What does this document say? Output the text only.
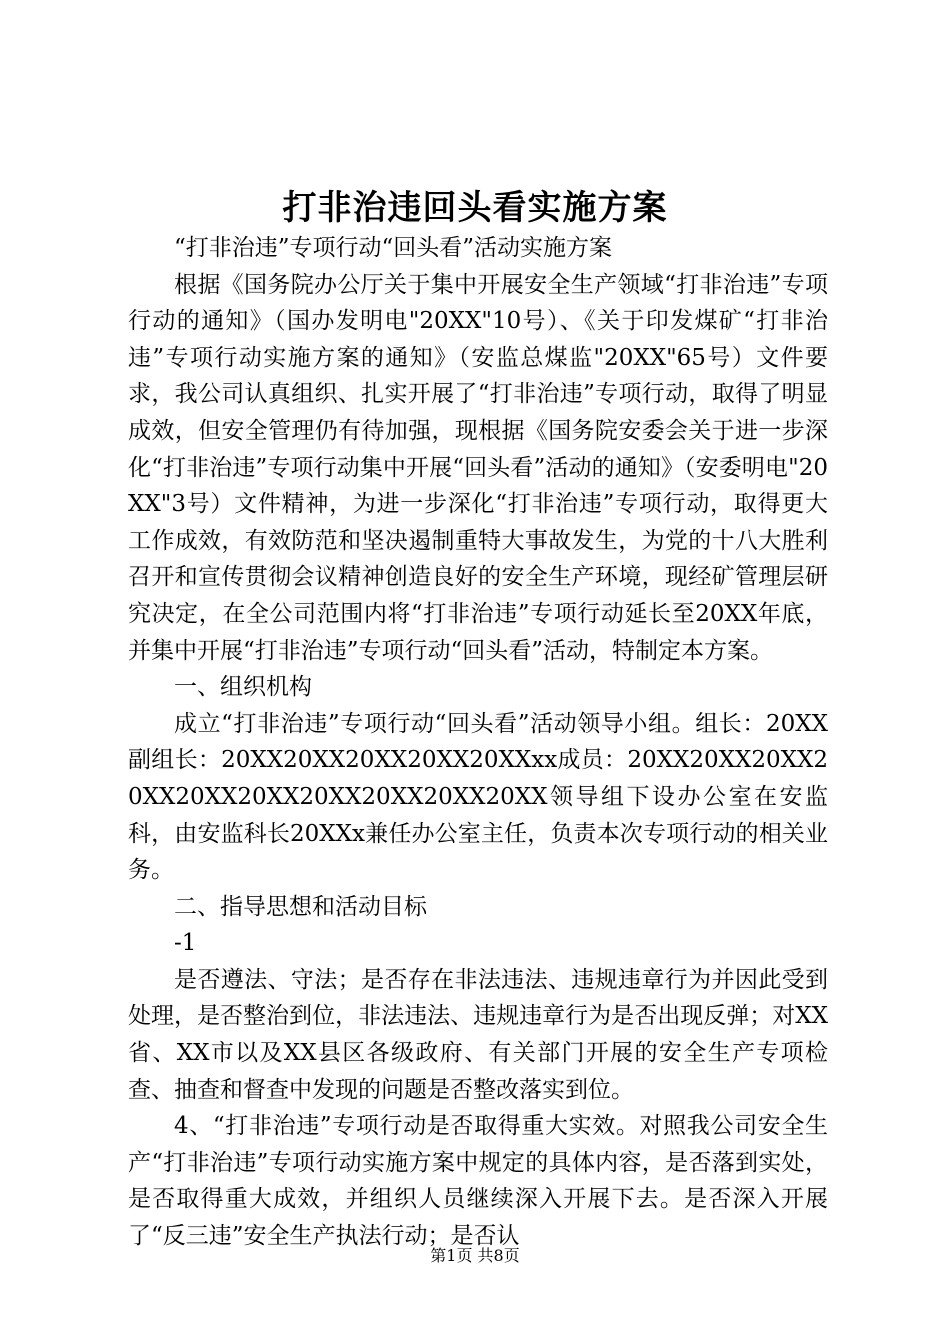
打非治违回头看实施方案

“打非治违”专项行动“回头看”活动实施方案

根据《国务院办公厅关于集中开展安全生产领域“打非治违”专项行动的通知》（国办发明电"20XX"10号）、《关于印发煤矿“打非治违”专项行动实施方案的通知》（安监总煤监"20XX"65号）文件要求，我公司认真组织、扎实开展了“打非治违”专项行动，取得了明显成效，但安全管理仍有待加强，现根据《国务院安委会关于进一步深化“打非治违”专项行动集中开展“回头看”活动的通知》（安委明电"20XX"3号）文件精神，为进一步深化“打非治违”专项行动，取得更大工作成效，有效防范和坚决遏制重特大事故发生，为党的十八大胜利召开和宣传贯彻会议精神创造良好的安全生产环境，现经矿管理层研究决定，在全公司范围内将“打非治违”专项行动延长至20XX年底，并集中开展“打非治违”专项行动“回头看”活动，特制定本方案。

一、组织机构

成立“打非治违”专项行动“回头看”活动领导小组。组长：20XX副组长：20XX20XX20XX20XX20XXxx成员：20XX20XX20XX20XX20XX20XX20XX20XX20XX20XX领导组下设办公室在安监科，由安监科长20XXx兼任办公室主任，负责本次专项行动的相关业务。

二、指导思想和活动目标

-1

是否遵法、守法；是否存在非法违法、违规违章行为并因此受到处理，是否整治到位，非法违法、违规违章行为是否出现反弹；对XX省、XX市以及XX县区各级政府、有关部门开展的安全生产专项检查、抽查和督查中发现的问题是否整改落实到位。

4、“打非治违”专项行动是否取得重大实效。对照我公司安全生产“打非治违”专项行动实施方案中规定的具体内容，是否落到实处，是否取得重大成效，并组织人员继续深入开展下去。是否深入开展了“反三违”安全生产执法行动；是否认

第1页 共8页
